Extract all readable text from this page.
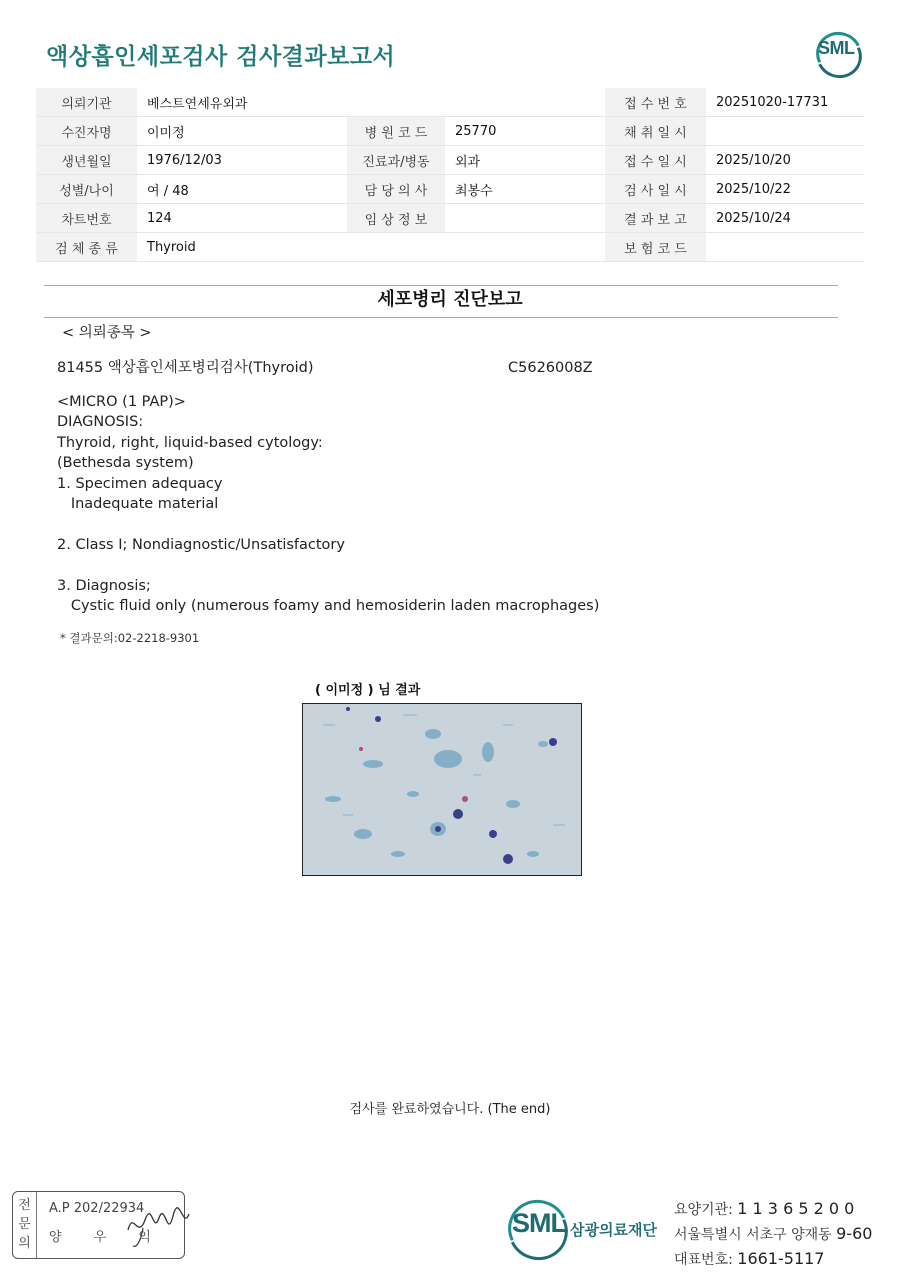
액상흡인세포검사 검사결과보고서	SML
의뢰기관	베스트연세유외과			접 수 번 호	20251020-17731
수진자명	이미정	병 원 코 드	25770	채 취 일 시	
생년월일	1976/12/03	진료과/병동	외과	접 수 일 시	2025/10/20
성별/나이	여 / 48	담 당 의 사	최봉수	검 사 일 시	2025/10/22
차트번호	124	임 상 정 보		결 과 보 고	2025/10/24
검 체 종 류	Thyroid			보 험 코 드	
세포병리 진단보고
< 의뢰종목 >
81455 액상흡인세포병리검사(Thyroid)	C5626008Z
<MICRO (1 PAP)>
DIAGNOSIS:
Thyroid, right, liquid-based cytology:
(Bethesda system)
1. Specimen adequacy
Inadequate material
2. Class I; Nondiagnostic/Unsatisfactory
3. Diagnosis;
Cystic fluid only (numerous foamy and hemosiderin laden macrophages)
* 결과문의:02-2218-9301
( 이미정 ) 님 결과
검사를 완료하였습니다. (The end)
전
문
의
A.P 202/22934
양 우 익	SML 삼광의료재단
요양기관: 1 1 3 6 5 2 0 0
서울특별시 서초구 양재동 9-60
대표번호: 1661-5117
